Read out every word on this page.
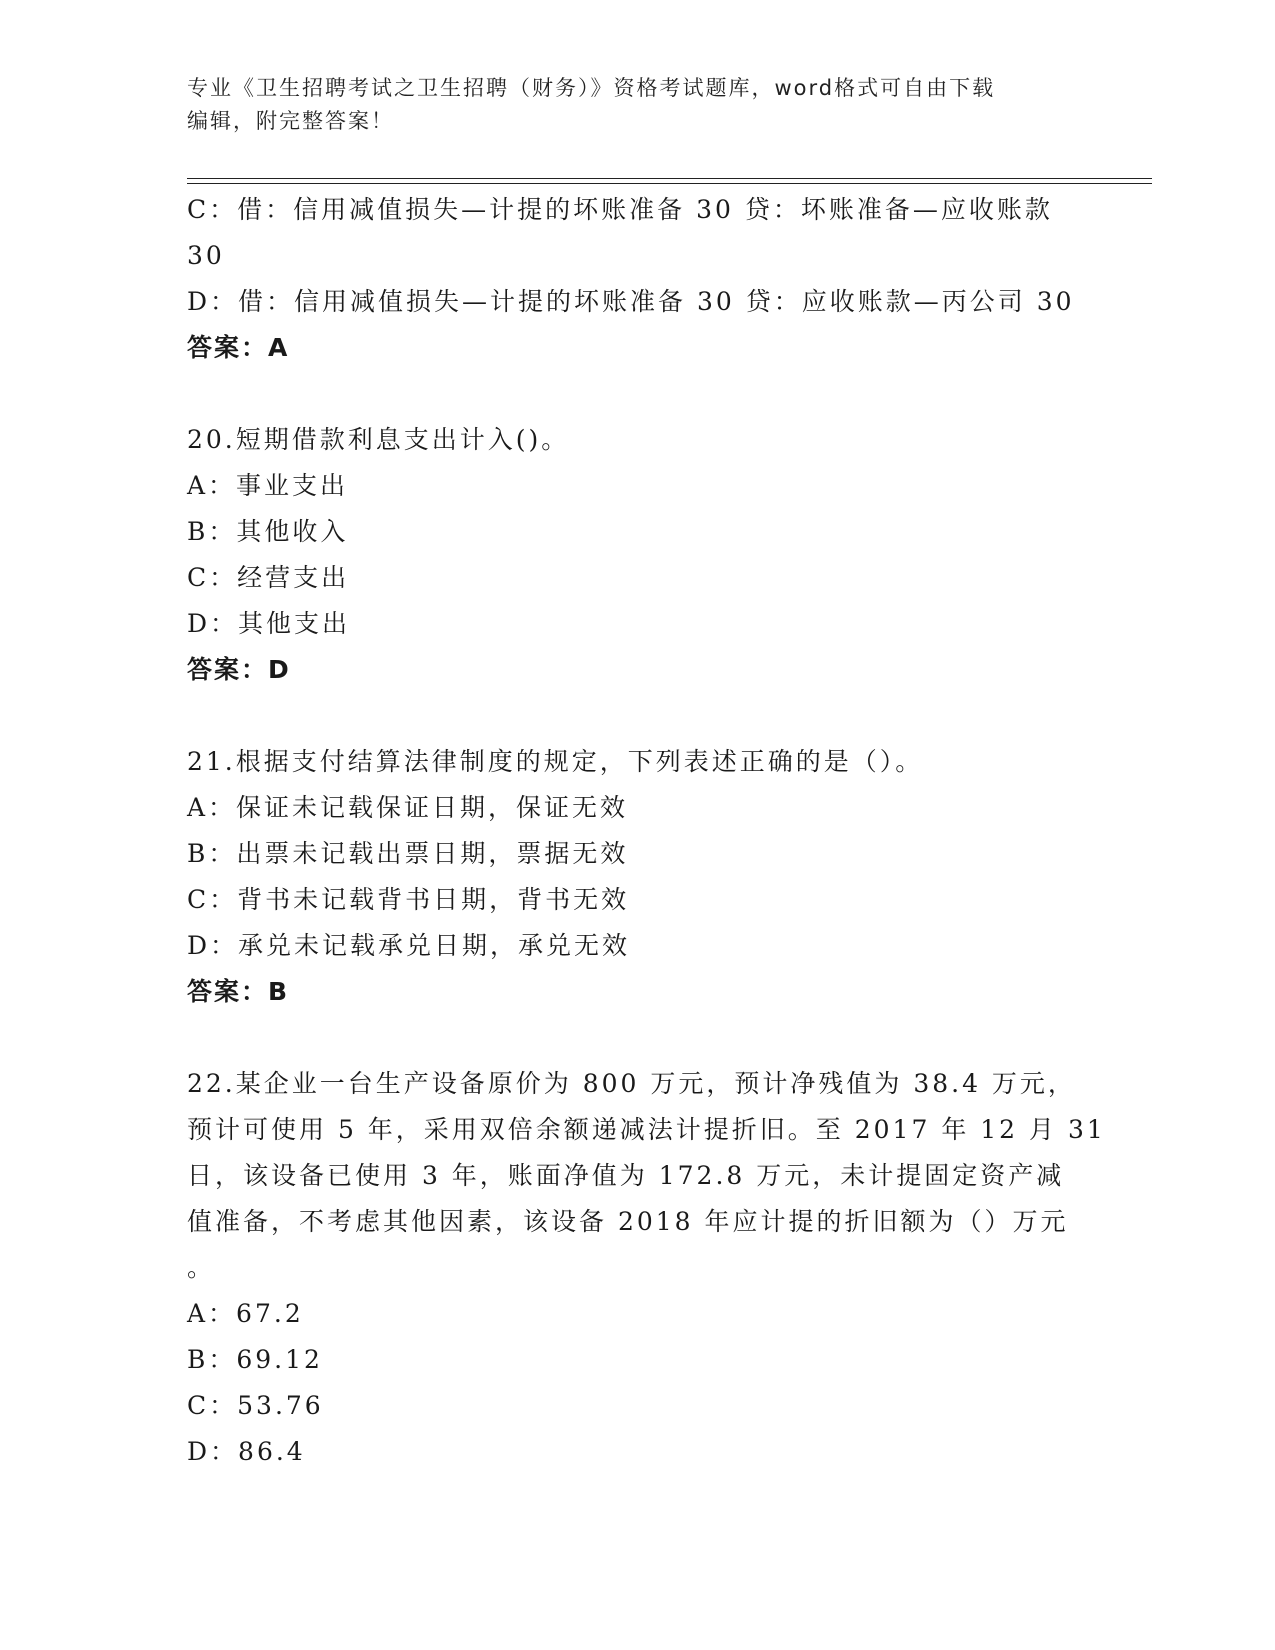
专业《卫生招聘考试之卫生招聘（财务）》资格考试题库，word格式可自由下载
编辑，附完整答案！

C：借：信用减值损失—计提的坏账准备 30 贷：坏账准备—应收账款

30

D：借：信用减值损失—计提的坏账准备 30 贷：应收账款—丙公司 30

答案：A

20.短期借款利息支出计入()。

A：事业支出

B：其他收入

C：经营支出

D：其他支出

答案：D

21.根据支付结算法律制度的规定，下列表述正确的是（）。

A：保证未记载保证日期，保证无效

B：出票未记载出票日期，票据无效

C：背书未记载背书日期，背书无效

D：承兑未记载承兑日期，承兑无效

答案：B

22.某企业一台生产设备原价为 800 万元，预计净残值为 38.4 万元，

预计可使用 5 年，采用双倍余额递减法计提折旧。至 2017 年 12 月 31

日，该设备已使用 3 年，账面净值为 172.8 万元，未计提固定资产减

值准备，不考虑其他因素，该设备 2018 年应计提的折旧额为（）万元

。

A：67.2

B：69.12

C：53.76

D：86.4
